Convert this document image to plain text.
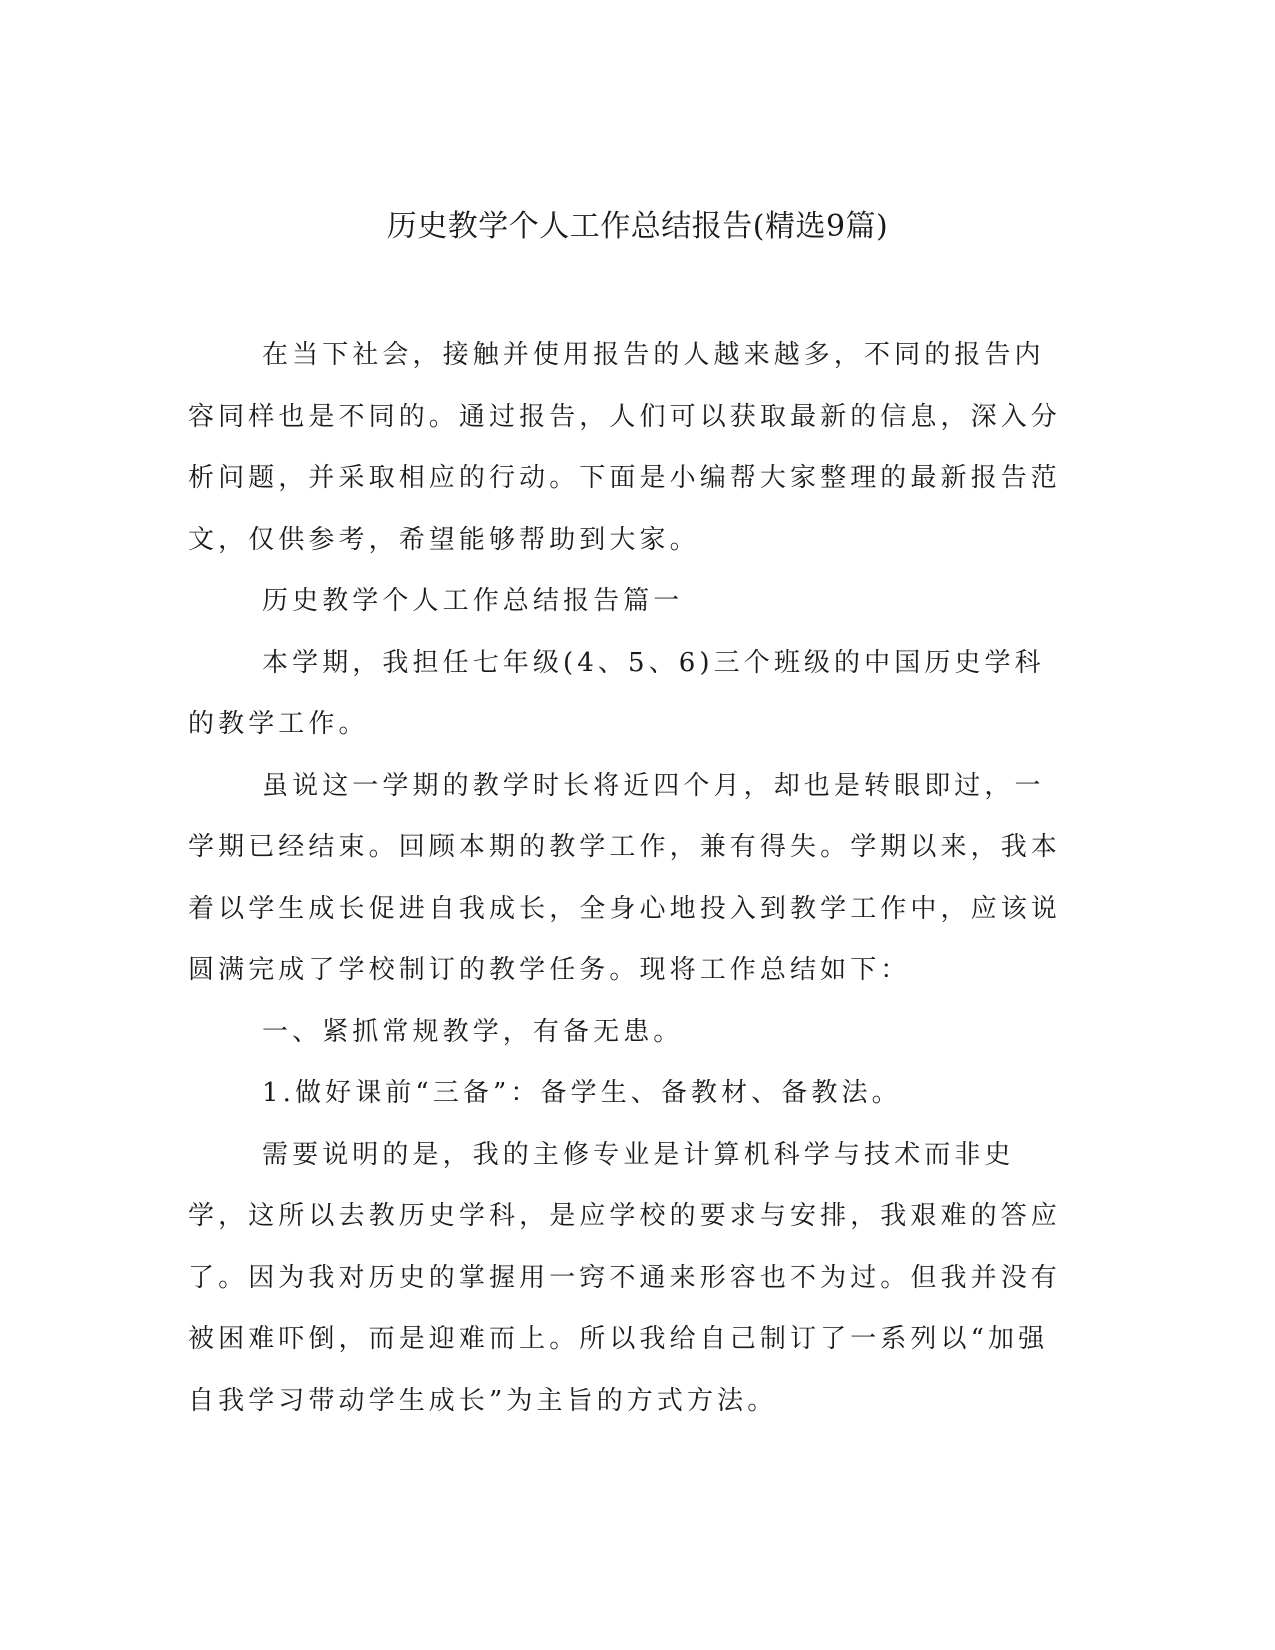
历史教学个人工作总结报告(精选9篇)

在当下社会，接触并使用报告的人越来越多，不同的报告内容同样也是不同的。通过报告，人们可以获取最新的信息，深入分析问题，并采取相应的行动。下面是小编帮大家整理的最新报告范文，仅供参考，希望能够帮助到大家。

历史教学个人工作总结报告篇一

本学期，我担任七年级(4、5、6)三个班级的中国历史学科的教学工作。

虽说这一学期的教学时长将近四个月，却也是转眼即过，一学期已经结束。回顾本期的教学工作，兼有得失。学期以来，我本着以学生成长促进自我成长，全身心地投入到教学工作中，应该说圆满完成了学校制订的教学任务。现将工作总结如下：

一、紧抓常规教学，有备无患。

1.做好课前“三备”：备学生、备教材、备教法。

需要说明的是，我的主修专业是计算机科学与技术而非史学，这所以去教历史学科，是应学校的要求与安排，我艰难的答应了。因为我对历史的掌握用一窍不通来形容也不为过。但我并没有被困难吓倒，而是迎难而上。所以我给自己制订了一系列以“加强自我学习带动学生成长”为主旨的方式方法。
